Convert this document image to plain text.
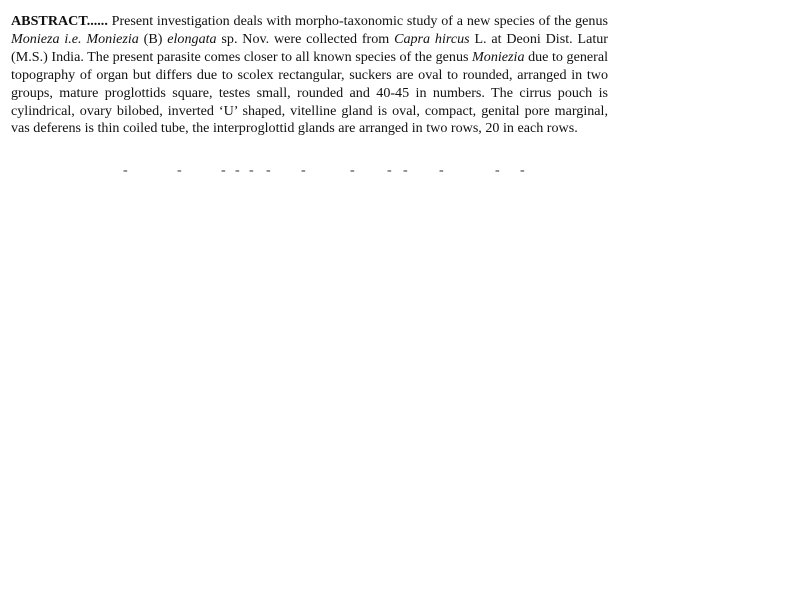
ABSTRACT...... Present investigation deals with morpho-taxonomic study of a new species of the genus Monieza i.e. Moniezia (B) elongata sp. Nov. were collected from Capra hircus L. at Deoni Dist. Latur (M.S.) India. The present parasite comes closer to all known species of the genus Moniezia due to general topography of organ but differs due to scolex rectangular, suckers are oval to rounded, arranged in two groups, mature proglottids square, testes small, rounded and 40-45 in numbers. The cirrus pouch is cylindrical, ovary bilobed, inverted ‘U’ shaped, vitelline gland is oval, compact, genital pore marginal, vas deferens is thin coiled tube, the interproglottid glands are arranged in two rows, 20 in each rows.

-	-	- - - - -	- - - -	- -
